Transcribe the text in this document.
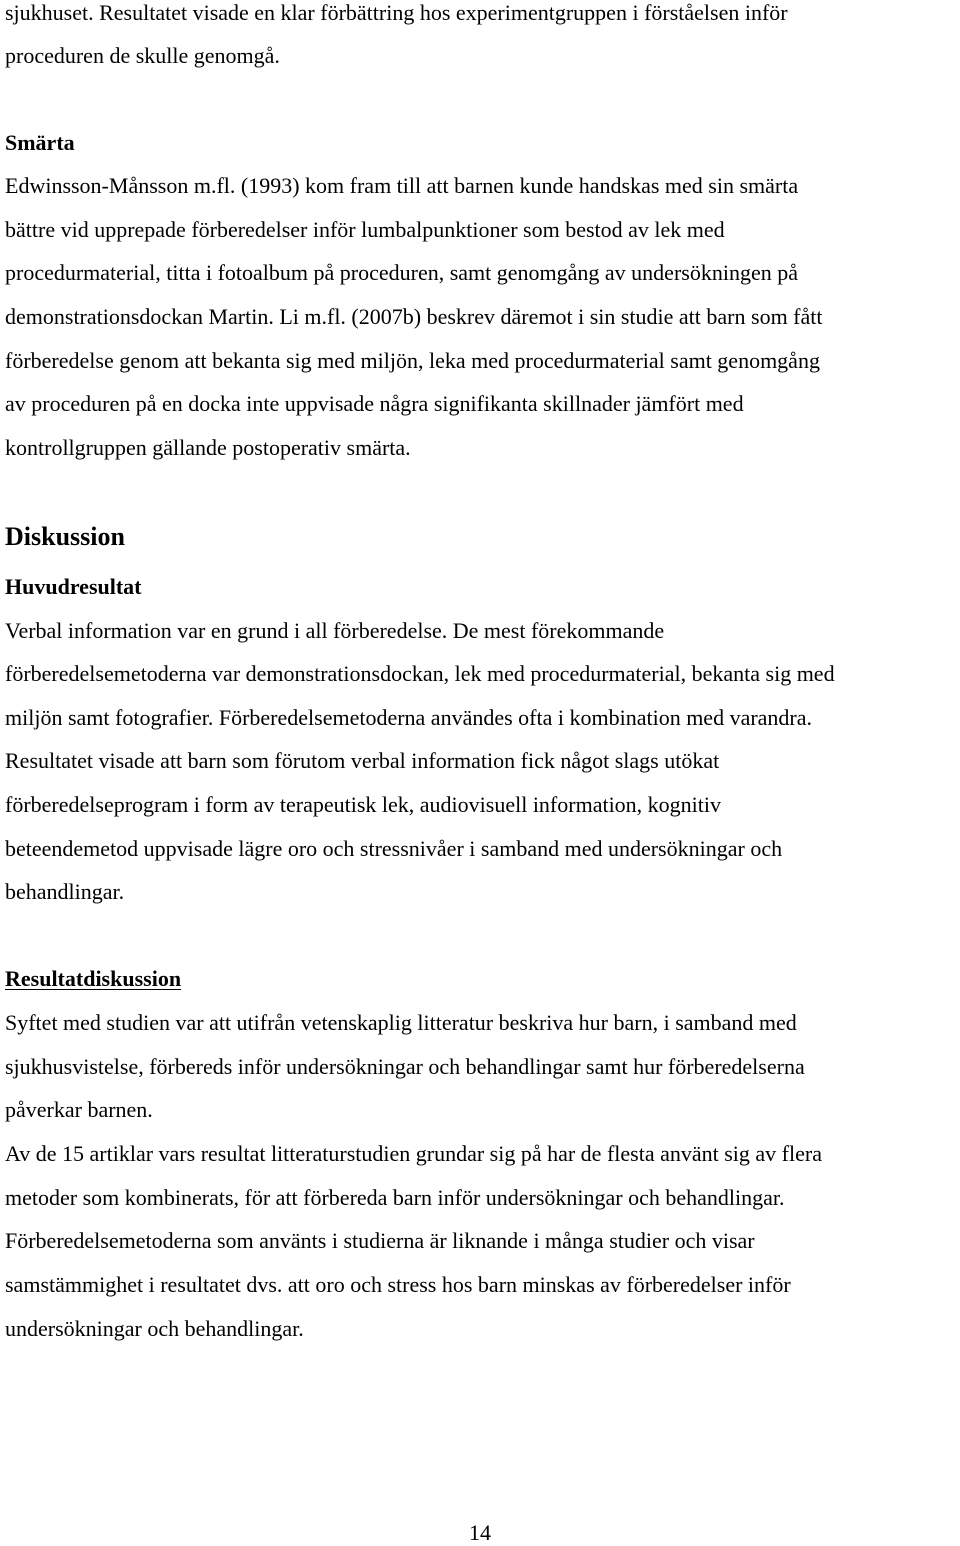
sjukhuset. Resultatet visade en klar förbättring hos experimentgruppen i förståelsen inför
proceduren de skulle genomgå.
Smärta
Edwinsson-Månsson m.fl. (1993) kom fram till att barnen kunde handskas med sin smärta
bättre vid upprepade förberedelser inför lumbalpunktioner som bestod av lek med
procedurmaterial, titta i fotoalbum på proceduren, samt genomgång av undersökningen på
demonstrationsdockan Martin. Li m.fl. (2007b) beskrev däremot i sin studie att barn som fått
förberedelse genom att bekanta sig med miljön, leka med procedurmaterial samt genomgång
av proceduren på en docka inte uppvisade några signifikanta skillnader jämfört med
kontrollgruppen gällande postoperativ smärta.
Diskussion
Huvudresultat
Verbal information var en grund i all förberedelse. De mest förekommande
förberedelsemetoderna var demonstrationsdockan, lek med procedurmaterial, bekanta sig med
miljön samt fotografier. Förberedelsemetoderna användes ofta i kombination med varandra.
Resultatet visade att barn som förutom verbal information fick något slags utökat
förberedelseprogram i form av terapeutisk lek, audiovisuell information, kognitiv
beteendemetod uppvisade lägre oro och stressnivåer i samband med undersökningar och
behandlingar.
Resultatdiskussion
Syftet med studien var att utifrån vetenskaplig litteratur beskriva hur barn, i samband med
sjukhusvistelse, förbereds inför undersökningar och behandlingar samt hur förberedelserna
påverkar barnen.
Av de 15 artiklar vars resultat litteraturstudien grundar sig på har de flesta använt sig av flera
metoder som kombinerats, för att förbereda barn inför undersökningar och behandlingar.
Förberedelsemetoderna som använts i studierna är liknande i många studier och visar
samstämmighet i resultatet dvs. att oro och stress hos barn minskas av förberedelser inför
undersökningar och behandlingar.
14
